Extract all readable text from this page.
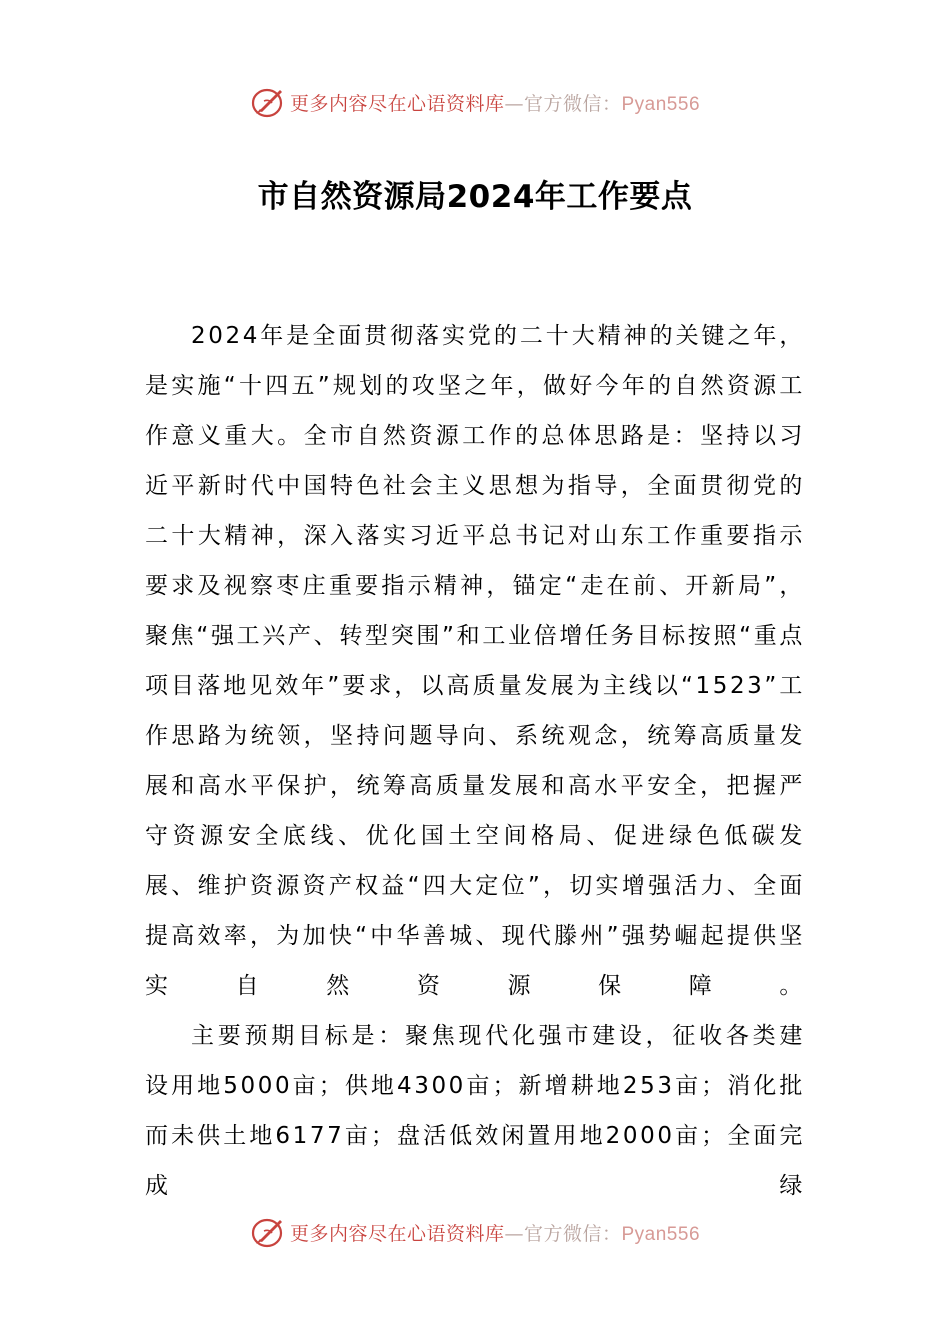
更多内容尽在心语资料库—官方微信：Pyan556
市自然资源局2024年工作要点

2024年是全面贯彻落实党的二十大精神的关键之年，是实施“十四五”规划的攻坚之年，做好今年的自然资源工作意义重大。全市自然资源工作的总体思路是：坚持以习近平新时代中国特色社会主义思想为指导，全面贯彻党的二十大精神，深入落实习近平总书记对山东工作重要指示要求及视察枣庄重要指示精神，锚定“走在前、开新局”，聚焦“强工兴产、转型突围”和工业倍增任务目标按照“重点项目落地见效年”要求，以高质量发展为主线以“1523”工作思路为统领，坚持问题导向、系统观念，统筹高质量发展和高水平保护，统筹高质量发展和高水平安全，把握严守资源安全底线、优化国土空间格局、促进绿色低碳发展、维护资源资产权益“四大定位”，切实增强活力、全面提高效率，为加快“中华善城、现代滕州”强势崛起提供坚实自然资源保障。

主要预期目标是：聚焦现代化强市建设，征收各类建设用地5000亩；供地4300亩；新增耕地253亩；消化批而未供土地6177亩；盘活低效闲置用地2000亩；全面完成绿

更多内容尽在心语资料库—官方微信：Pyan556
